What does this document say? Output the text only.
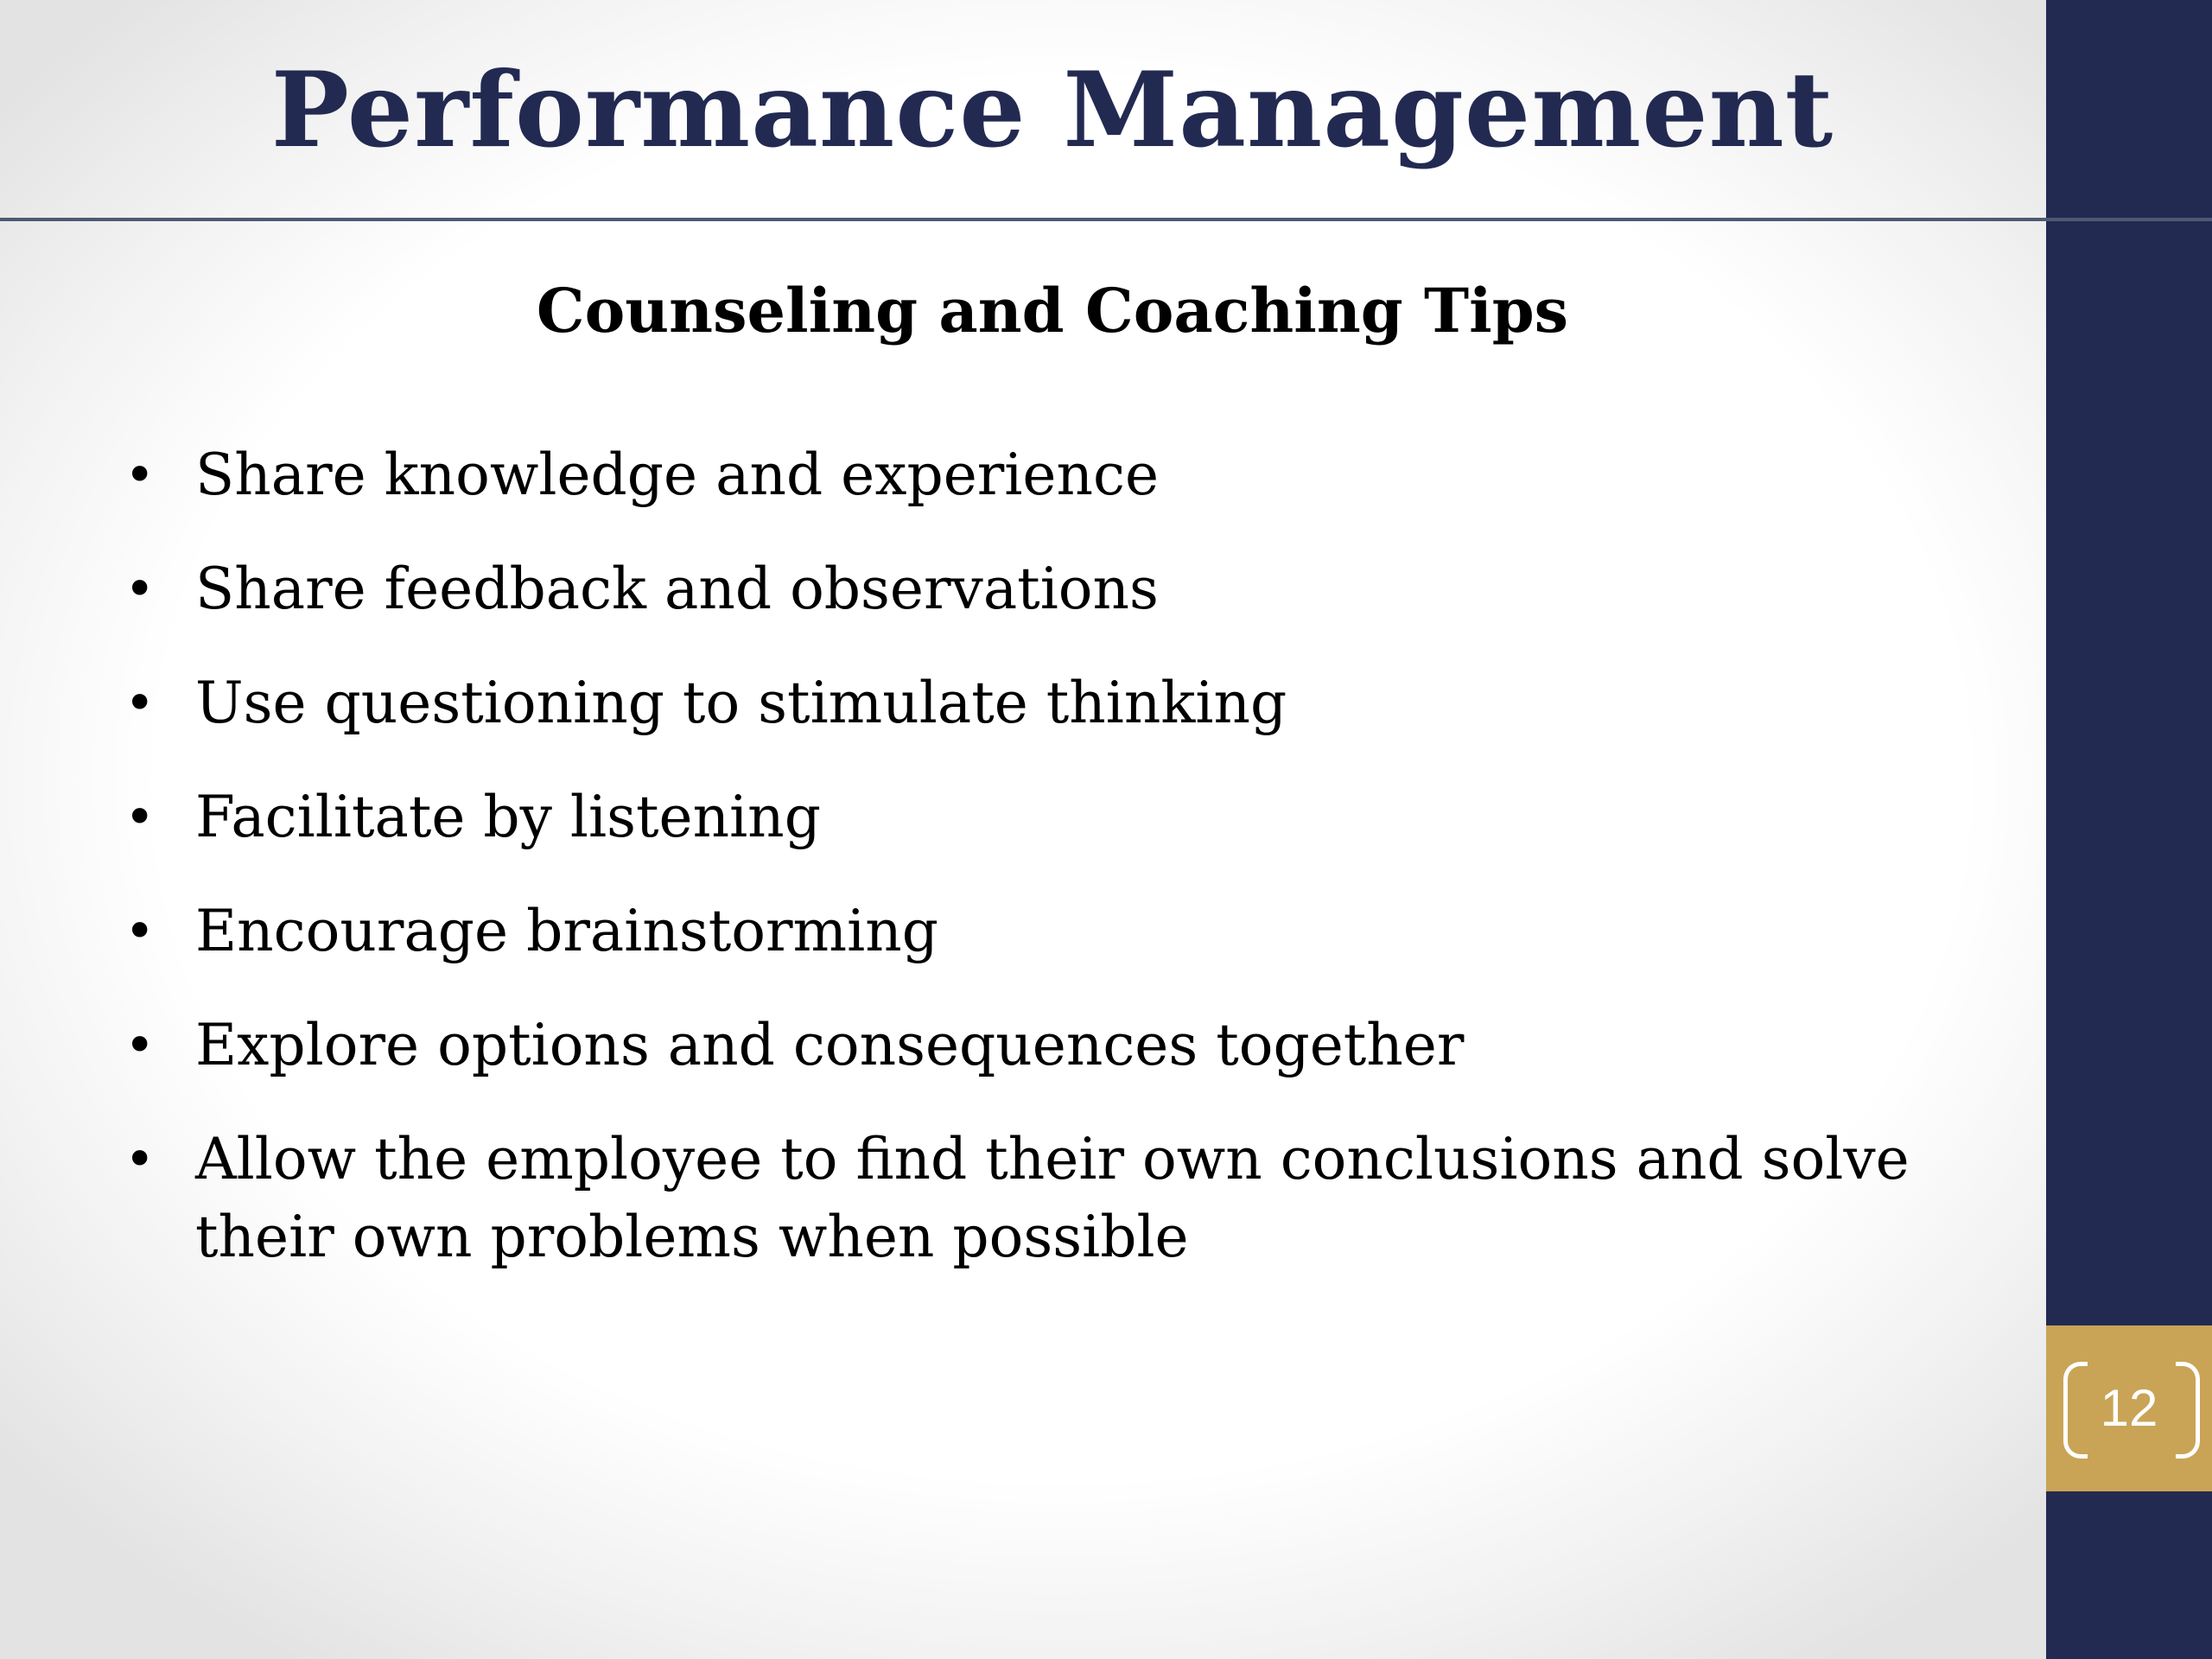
Performance Management
Counseling and Coaching Tips
• Share knowledge and experience
• Share feedback and observations
• Use questioning to stimulate thinking
• Facilitate by listening
• Encourage brainstorming
• Explore options and consequences together
• Allow the employee to find their own conclusions and solve their own problems when possible
12
